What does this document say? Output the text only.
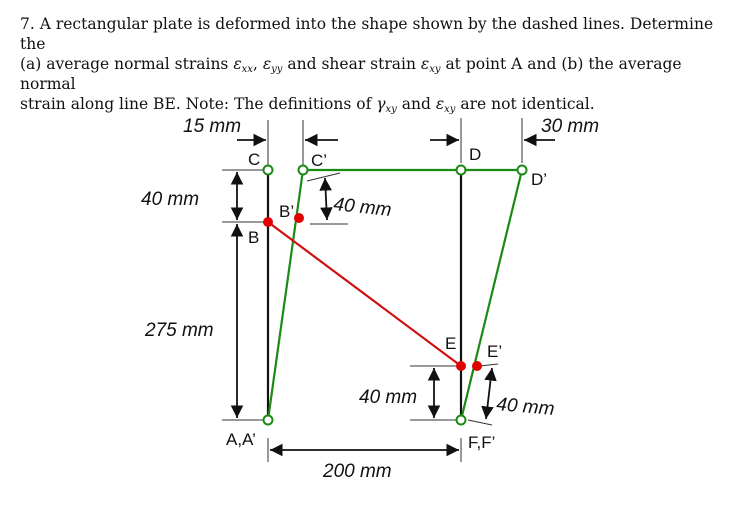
7. A rectangular plate is deformed into the shape shown by the dashed lines. Determine the

(a) average normal strains $\varepsilon_{xx}$, $\varepsilon_{yy}$ and shear strain $\varepsilon_{xy}$ at point A and (b) the average normal

strain along line BE. Note: The definitions of $\gamma_{xy}$ and $\varepsilon_{xy}$ are not identical.

C	C’	D
D’
B’
B
E E’
A,A’	F,F’
15 mm	30 mm
40 mm
275 mm
40 mm
40 mm	40 mm
200 mm
